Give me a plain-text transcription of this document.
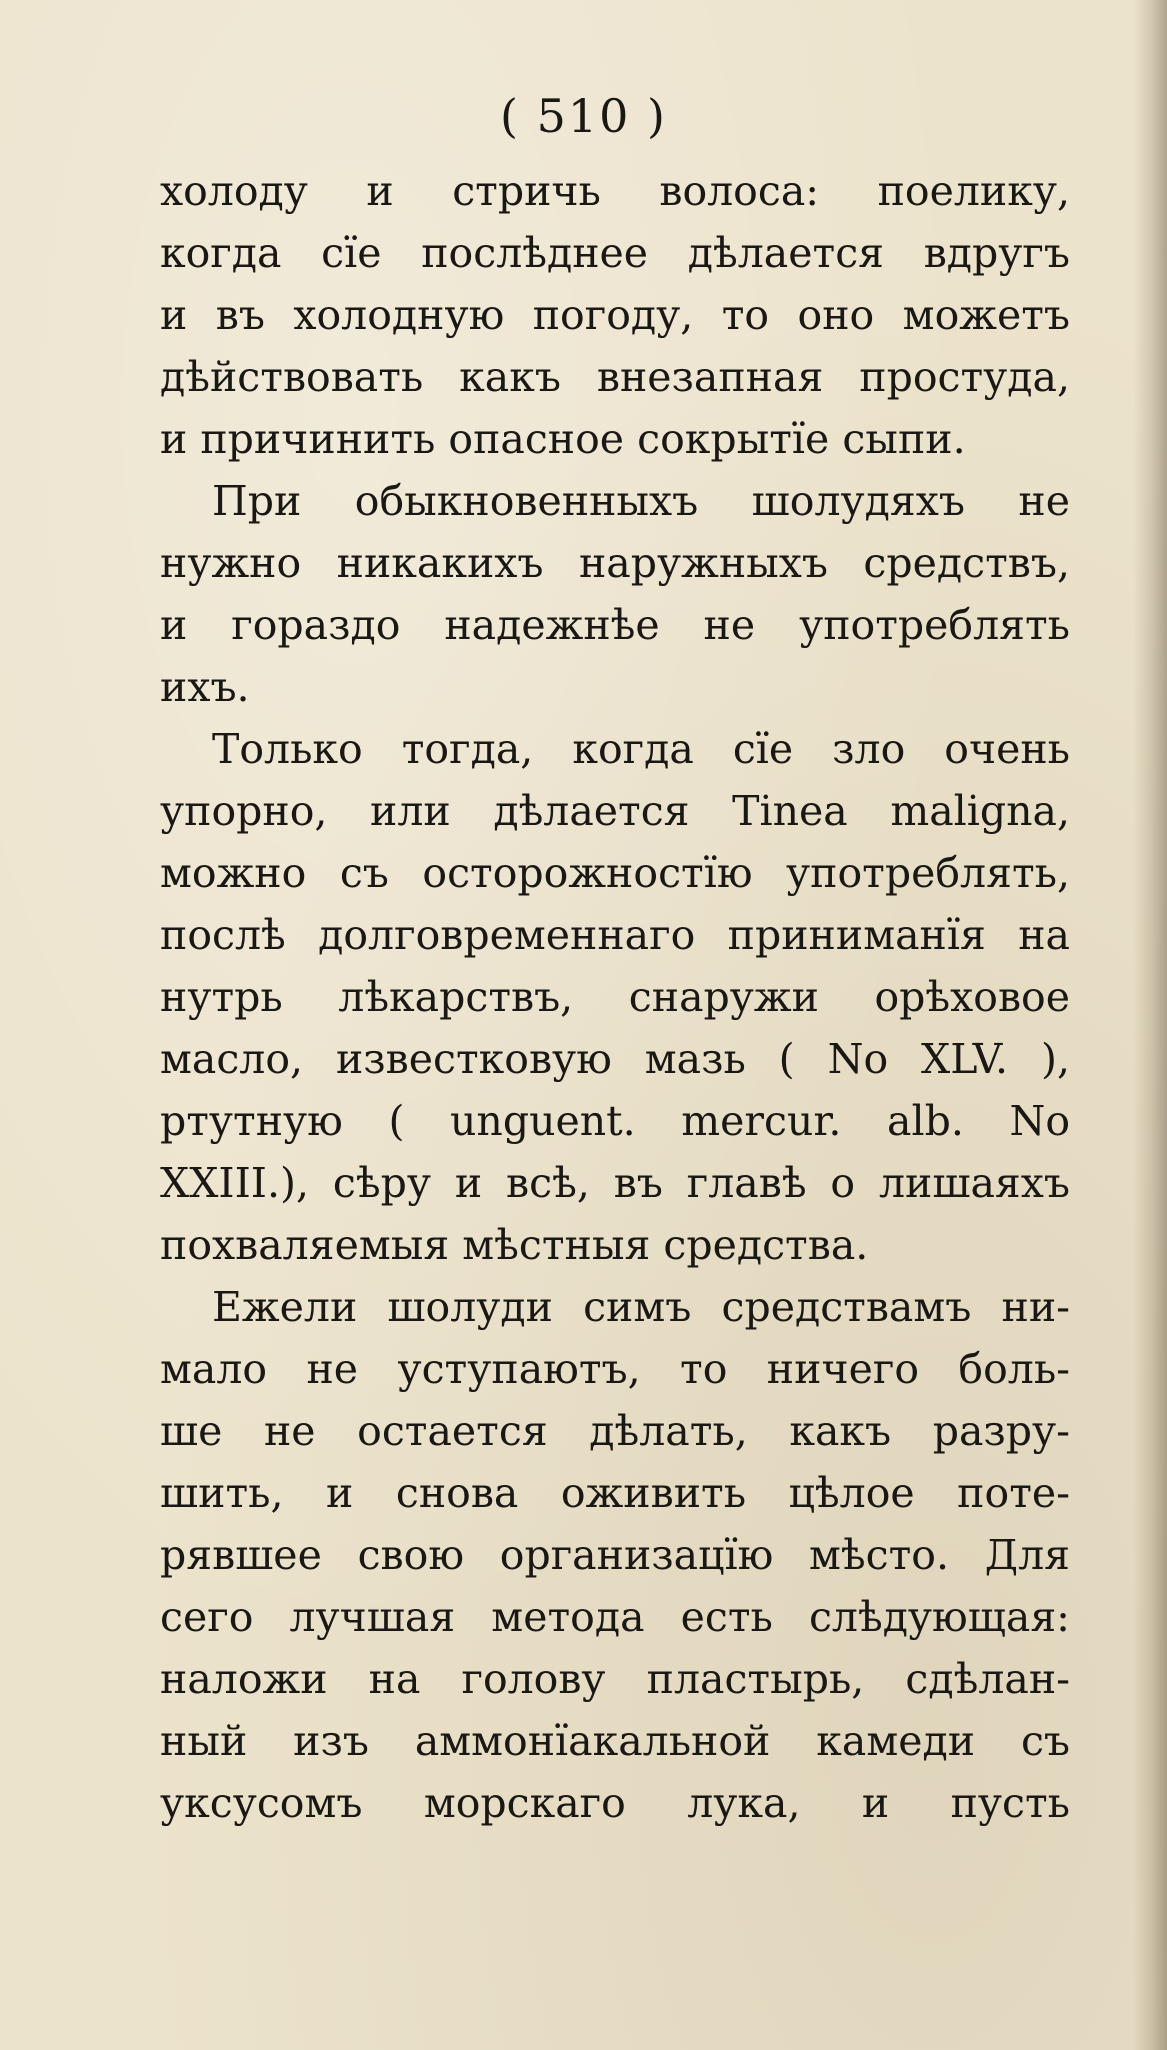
( 510 )
холоду и стричь волоса: поелику,
когда сїе послѣднее дѣлается вдругъ
и въ холодную погоду, то оно можетъ
дѣйствовать какъ внезапная простуда,
и причинить опасное сокрытїе сыпи.
При обыкновенныхъ шолудяхъ не
нужно никакихъ наружныхъ средствъ,
и гораздо надежнѣе не употреблять
ихъ.
Только тогда, когда сїе зло очень
упорно, или дѣлается Tinea maligna,
можно съ осторожностїю употреблять,
послѣ долговременнаго приниманїя на
нутрь лѣкарствъ, снаружи орѣховое
масло, известковую мазь ( No XLV. ),
ртутную ( unguent. mercur. alb. No
XXIII.), сѣру и всѣ, въ главѣ о лишаяхъ
похваляемыя мѣстныя средства.
Ежели шолуди симъ средствамъ ни-
мало не уступаютъ, то ничего боль-
ше не остается дѣлать, какъ разру-
шить, и снова оживить цѣлое поте-
рявшее свою организацїю мѣсто. Для
сего лучшая метода есть слѣдующая:
наложи на голову пластырь, сдѣлан-
ный изъ аммонїакальной камеди съ
уксусомъ морскаго лука, и пусть
